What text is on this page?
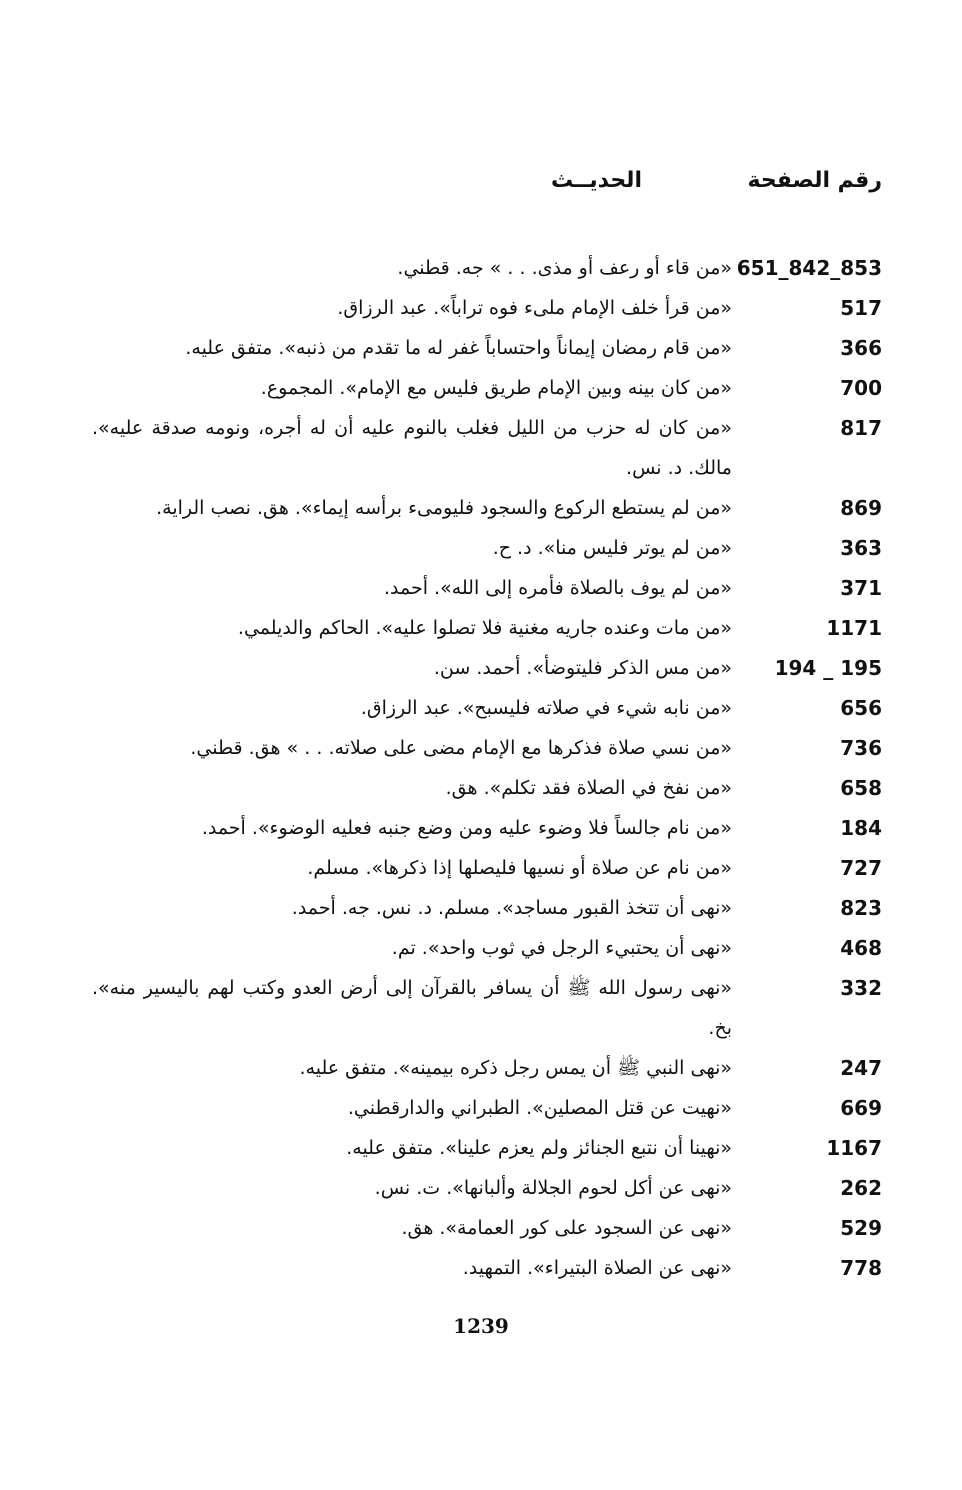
رقم الصفحة
الحديــث
651_842_853
«من قاء أو رعف أو مذى. . . » جه. قطني.
517
«من قرأ خلف الإمام ملىء فوه تراباً». عبد الرزاق.
366
«من قام رمضان إيماناً واحتساباً غفر له ما تقدم من ذنبه». متفق عليه.
700
«من كان بينه وبين الإمام طريق فليس مع الإمام». المجموع.
817
«من كان له حزب من الليل فغلب بالنوم عليه أن له أجره، ونومه صدقة عليه». مالك. د. نس.
869
«من لم يستطع الركوع والسجود فليومىء برأسه إيماء». هق. نصب الراية.
363
«من لم يوتر فليس منا». د. ح.
371
«من لم يوف بالصلاة فأمره إلى الله». أحمد.
1171
«من مات وعنده جاريه مغنية فلا تصلوا عليه». الحاكم والديلمي.
194 _ 195
«من مس الذكر فليتوضأ». أحمد. سن.
656
«من نابه شيء في صلاته فليسبح». عبد الرزاق.
736
«من نسي صلاة فذكرها مع الإمام مضى على صلاته. . . » هق. قطني.
658
«من نفخ في الصلاة فقد تكلم». هق.
184
«من نام جالساً فلا وضوء عليه ومن وضع جنبه فعليه الوضوء». أحمد.
727
«من نام عن صلاة أو نسيها فليصلها إذا ذكرها». مسلم.
823
«نهى أن تتخذ القبور مساجد». مسلم. د. نس. جه. أحمد.
468
«نهى أن يحتبيء الرجل في ثوب واحد». تم.
332
«نهى رسول الله ﷺ أن يسافر بالقرآن إلى أرض العدو وكتب لهم باليسير منه». بخ.
247
«نهى النبي ﷺ أن يمس رجل ذكره بيمينه». متفق عليه.
669
«نهيت عن قتل المصلين». الطبراني والدارقطني.
1167
«نهينا أن نتبع الجنائز ولم يعزم علينا». متفق عليه.
262
«نهى عن أكل لحوم الجلالة وألبانها». ت. نس.
529
«نهى عن السجود على كور العمامة». هق.
778
«نهى عن الصلاة البتيراء». التمهيد.
1239
